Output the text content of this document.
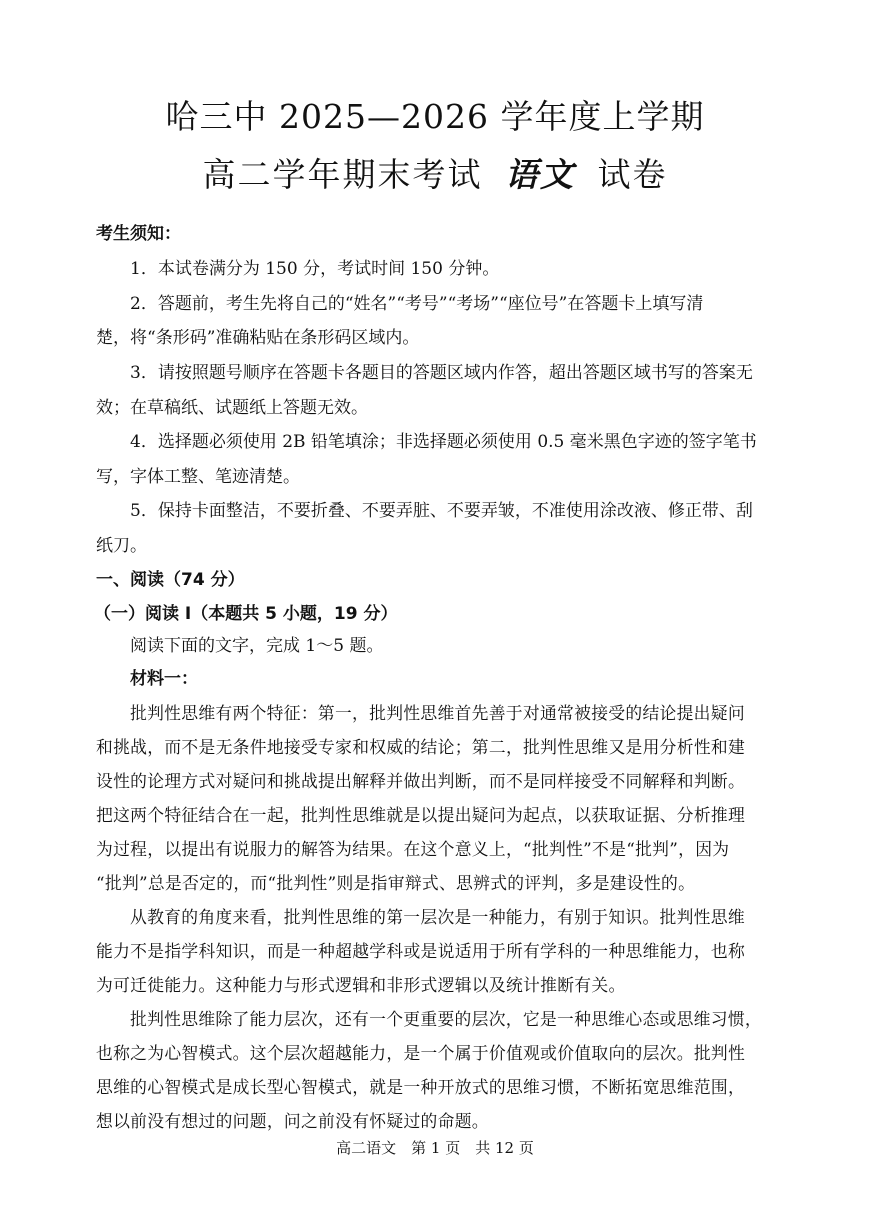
哈三中 2025—2026 学年度上学期
高二学年期末考试 语文 试卷
考生须知：
1．本试卷满分为 150 分，考试时间 150 分钟。
2．答题前，考生先将自己的“姓名”“考号”“考场”“座位号”在答题卡上填写清
楚，将“条形码”准确粘贴在条形码区域内。
3．请按照题号顺序在答题卡各题目的答题区域内作答，超出答题区域书写的答案无
效；在草稿纸、试题纸上答题无效。
4．选择题必须使用 2B 铅笔填涂；非选择题必须使用 0.5 毫米黑色字迹的签字笔书
写，字体工整、笔迹清楚。
5．保持卡面整洁，不要折叠、不要弄脏、不要弄皱，不准使用涂改液、修正带、刮
纸刀。
一、阅读（74 分）
（一）阅读 Ⅰ（本题共 5 小题，19 分）
阅读下面的文字，完成 1～5 题。
材料一：
批判性思维有两个特征：第一，批判性思维首先善于对通常被接受的结论提出疑问
和挑战，而不是无条件地接受专家和权威的结论；第二，批判性思维又是用分析性和建
设性的论理方式对疑问和挑战提出解释并做出判断，而不是同样接受不同解释和判断。
把这两个特征结合在一起，批判性思维就是以提出疑问为起点，以获取证据、分析推理
为过程，以提出有说服力的解答为结果。在这个意义上，“批判性”不是“批判”，因为
“批判”总是否定的，而“批判性”则是指审辩式、思辨式的评判，多是建设性的。
从教育的角度来看，批判性思维的第一层次是一种能力，有别于知识。批判性思维
能力不是指学科知识，而是一种超越学科或是说适用于所有学科的一种思维能力，也称
为可迁徙能力。这种能力与形式逻辑和非形式逻辑以及统计推断有关。
批判性思维除了能力层次，还有一个更重要的层次，它是一种思维心态或思维习惯，
也称之为心智模式。这个层次超越能力，是一个属于价值观或价值取向的层次。批判性
思维的心智模式是成长型心智模式，就是一种开放式的思维习惯，不断拓宽思维范围，
想以前没有想过的问题，问之前没有怀疑过的命题。
高二语文　第 1 页　共 12 页
